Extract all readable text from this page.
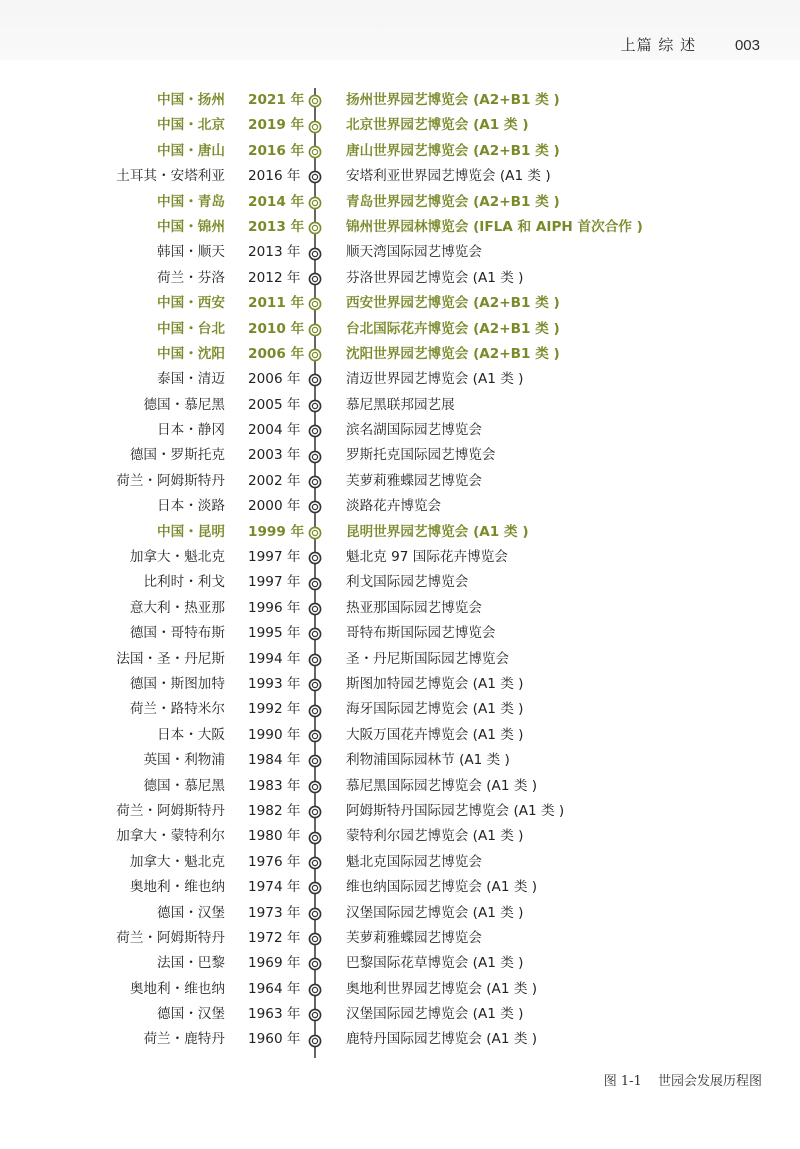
上篇 综 述	003
中国・扬州 2021 年	扬州世界园艺博览会 (A2+B1 类 )
中国・北京 2019 年	北京世界园艺博览会 (A1 类 )
中国・唐山 2016 年	唐山世界园艺博览会 (A2+B1 类 )
土耳其・安塔利亚 2016 年	安塔利亚世界园艺博览会 (A1 类 )
中国・青岛 2014 年	青岛世界园艺博览会 (A2+B1 类 )
中国・锦州 2013 年	锦州世界园林博览会 (IFLA 和 AIPH 首次合作 )
韩国・顺天 2013 年	顺天湾国际园艺博览会
荷兰・芬洛 2012 年	芬洛世界园艺博览会 (A1 类 )
中国・西安 2011 年	西安世界园艺博览会 (A2+B1 类 )
中国・台北 2010 年	台北国际花卉博览会 (A2+B1 类 )
中国・沈阳 2006 年	沈阳世界园艺博览会 (A2+B1 类 )
泰国・清迈 2006 年	清迈世界园艺博览会 (A1 类 )
德国・慕尼黑 2005 年	慕尼黑联邦园艺展
日本・静冈 2004 年	滨名湖国际园艺博览会
德国・罗斯托克 2003 年	罗斯托克国际园艺博览会
荷兰・阿姆斯特丹 2002 年	芙萝莉雅蝶园艺博览会
日本・淡路 2000 年	淡路花卉博览会
中国・昆明 1999 年	昆明世界园艺博览会 (A1 类 )
加拿大・魁北克 1997 年	魁北克 97 国际花卉博览会
比利时・利戈 1997 年	利戈国际园艺博览会
意大利・热亚那 1996 年	热亚那国际园艺博览会
德国・哥特布斯 1995 年	哥特布斯国际园艺博览会
法国・圣・丹尼斯 1994 年	圣・丹尼斯国际园艺博览会
德国・斯图加特 1993 年	斯图加特园艺博览会 (A1 类 )
荷兰・路特米尔 1992 年	海牙国际园艺博览会 (A1 类 )
日本・大阪 1990 年	大阪万国花卉博览会 (A1 类 )
英国・利物浦 1984 年	利物浦国际园林节 (A1 类 )
德国・慕尼黑 1983 年	慕尼黑国际园艺博览会 (A1 类 )
荷兰・阿姆斯特丹 1982 年	阿姆斯特丹国际园艺博览会 (A1 类 )
加拿大・蒙特利尔 1980 年	蒙特利尔园艺博览会 (A1 类 )
加拿大・魁北克 1976 年	魁北克国际园艺博览会
奥地利・维也纳 1974 年	维也纳国际园艺博览会 (A1 类 )
德国・汉堡 1973 年	汉堡国际园艺博览会 (A1 类 )
荷兰・阿姆斯特丹 1972 年	芙萝莉雅蝶园艺博览会
法国・巴黎 1969 年	巴黎国际花草博览会 (A1 类 )
奥地利・维也纳 1964 年	奥地利世界园艺博览会 (A1 类 )
德国・汉堡 1963 年	汉堡国际园艺博览会 (A1 类 )
荷兰・鹿特丹 1960 年	鹿特丹国际园艺博览会 (A1 类 )
图 1-1 世园会发展历程图
